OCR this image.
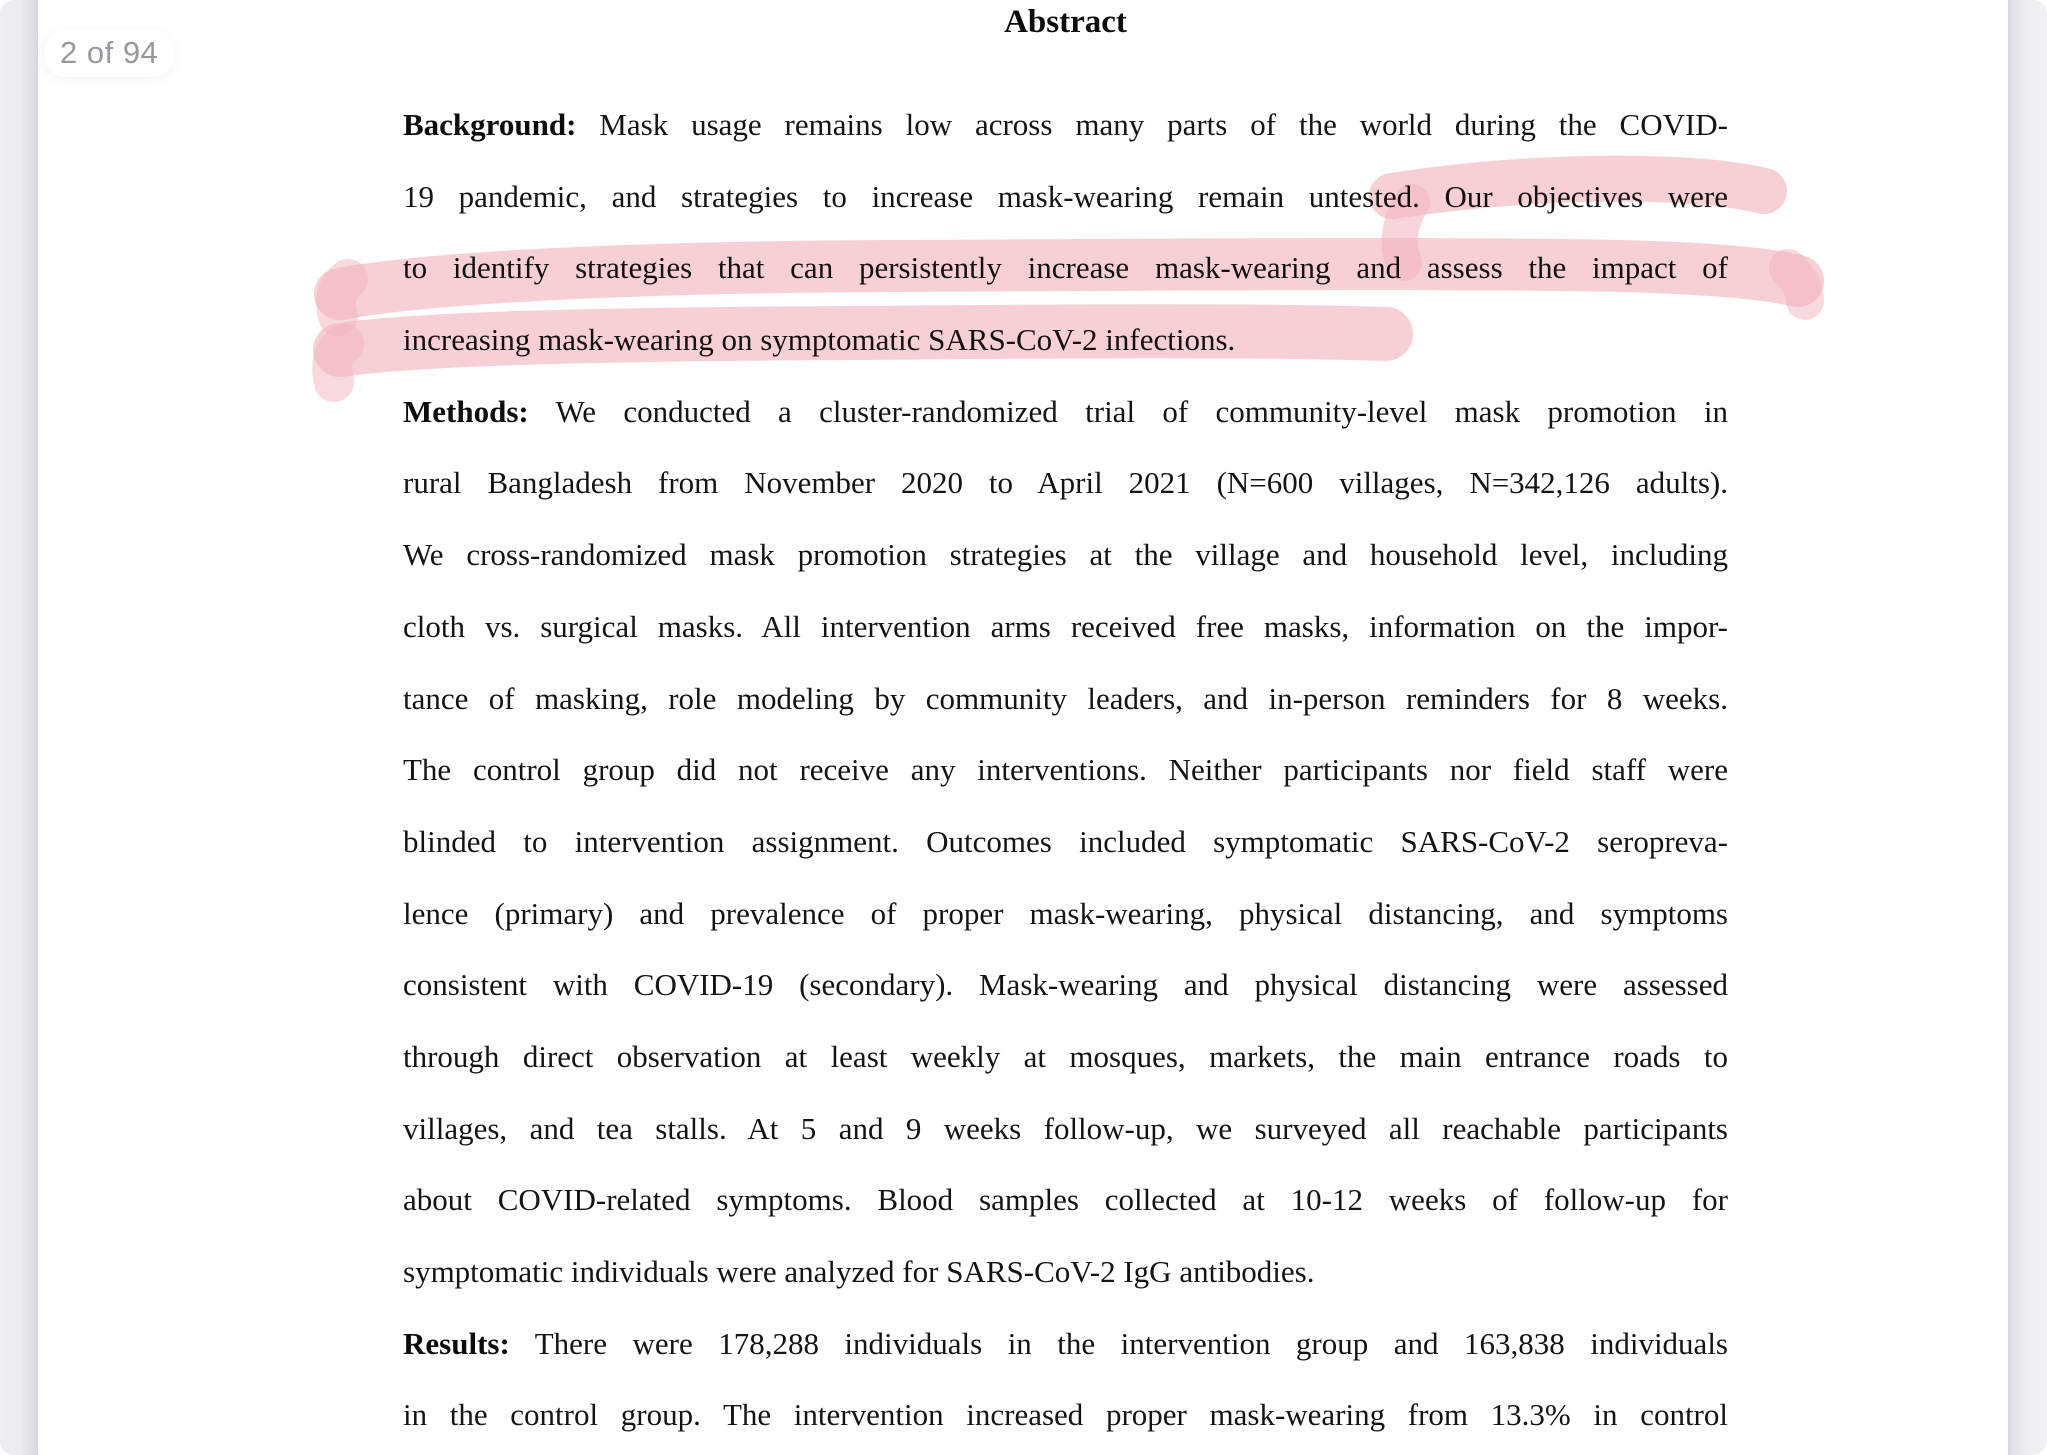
Abstract
Background: Mask usage remains low across many parts of the world during the COVID-
19 pandemic, and strategies to increase mask-wearing remain untested. Our objectives were
to identify strategies that can persistently increase mask-wearing and assess the impact of
increasing mask-wearing on symptomatic SARS-CoV-2 infections.
Methods: We conducted a cluster-randomized trial of community-level mask promotion in
rural Bangladesh from November 2020 to April 2021 (N=600 villages, N=342,126 adults).
We cross-randomized mask promotion strategies at the village and household level, including
cloth vs. surgical masks. All intervention arms received free masks, information on the impor-
tance of masking, role modeling by community leaders, and in-person reminders for 8 weeks.
The control group did not receive any interventions. Neither participants nor field staff were
blinded to intervention assignment. Outcomes included symptomatic SARS-CoV-2 seropreva-
lence (primary) and prevalence of proper mask-wearing, physical distancing, and symptoms
consistent with COVID-19 (secondary). Mask-wearing and physical distancing were assessed
through direct observation at least weekly at mosques, markets, the main entrance roads to
villages, and tea stalls. At 5 and 9 weeks follow-up, we surveyed all reachable participants
about COVID-related symptoms. Blood samples collected at 10-12 weeks of follow-up for
symptomatic individuals were analyzed for SARS-CoV-2 IgG antibodies.
Results: There were 178,288 individuals in the intervention group and 163,838 individuals
in the control group. The intervention increased proper mask-wearing from 13.3% in control
2 of 94
